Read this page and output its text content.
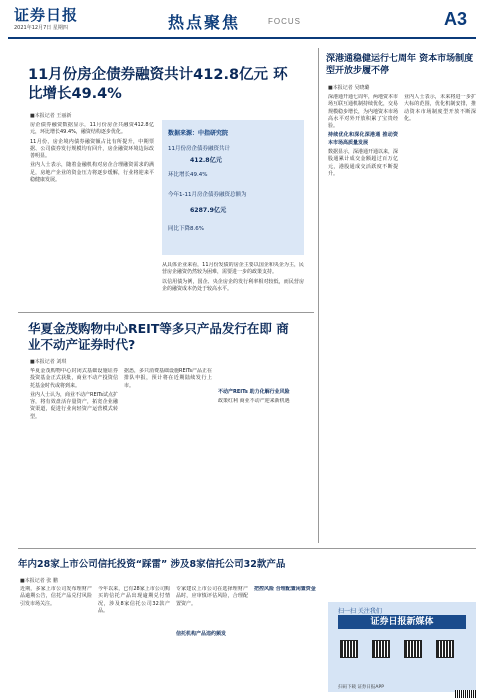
证券日报
2021年12月7日 星期四	热点聚焦	FOCUS	A3
11月份房企债券融资共计412.8亿元 环比增长49.4%
■本报记者 王丽新

房企债券融资数据显示，11月份房企共融资412.8亿元，环比增长49.4%，融资结构逐步优化。

11月份，房企境内债券融资额占比有所提升，中期票据、公司债券发行规模均有回升，房企融资环境边际改善明显。

业内人士表示，随着金融机构对房企合理融资需求的满足，房地产企业的资金压力将逐步缓解，行业将迎来平稳健康发展。

数据来源：中指研究院
11月份房企债券融资共计
412.8亿元
环比增长49.4%
今年1-11月房企债券融资总额为
6287.9亿元
同比下降8.6%

从具体企业来看，11月份发债的房企主要以国企和央企为主，民营房企融资仍然较为困难，需要进一步的政策支持。

以信用债为例，国企、央企房企的发行利率相对较低，而民营房企的融资成本仍处于较高水平。

华夏金茂购物中心REIT等多只产品发行在即 商业不动产证券时代?
■本报记者 刘琪

华夏金茂购物中心封闭式基础设施证券投资基金正式获批，商业不动产投资信托基金时代或将到来。

业内人士认为，商业不动产REITs试点扩容，将有效盘活存量资产，拓宽企业融资渠道，促进行业向轻资产运营模式转型。

据悉，多只消费基础设施REITs产品正在排队申报，预计将在近期陆续发行上市。

不动产REITs 助力化解行业风险

政策红利 商业不动产迎来新机遇

深港通稳健运行七周年 资本市场制度型开放步履不停
■本报记者 吴晓璐

深港通开通七周年，两地资本市场互联互通机制持续优化，交易规模稳步增长，为内地资本市场高水平对外开放积累了宝贵经验。

持续优化和深化深港通 推动资本市场高质量发展

数据显示，深港通开通以来，深股通累计成交金额超过百万亿元，港股通成交活跃度不断提升。

业内人士表示，未来将进一步扩大标的范围，优化机制安排，推动资本市场制度型开放不断深化。

年内28家上市公司信托投资“踩雷” 涉及8家信托公司32款产品
■本报记者 张 鹏

近期，多家上市公司发布理财产品逾期公告，信托产品兑付风险引发市场关注。

今年以来，已有28家上市公司购买的信托产品出现逾期兑付情况，涉及8家信托公司32款产品。

信托机构产品违约频发

专家建议上市公司在选择理财产品时，应审慎评估风险，合理配置资产。

把控风险 合理配置闲置资金

扫一扫 关注我们
证券日报新媒体
扫码下载 证券日报APP
